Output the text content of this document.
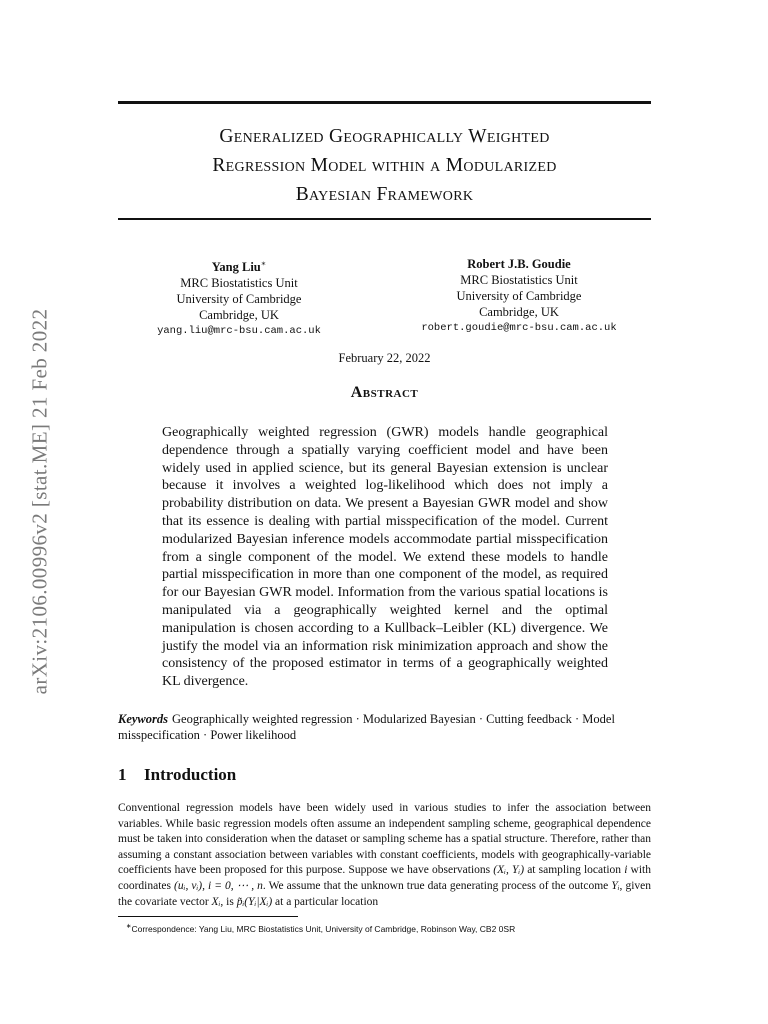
arXiv:2106.00996v2 [stat.ME] 21 Feb 2022
Generalized Geographically Weighted
Regression Model within a Modularized
Bayesian Framework
Yang Liu∗
MRC Biostatistics Unit
University of Cambridge
Cambridge, UK
yang.liu@mrc-bsu.cam.ac.uk
Robert J.B. Goudie
MRC Biostatistics Unit
University of Cambridge
Cambridge, UK
robert.goudie@mrc-bsu.cam.ac.uk
February 22, 2022
Abstract
Geographically weighted regression (GWR) models handle geographical dependence through a spatially varying coefficient model and have been widely used in applied science, but its general Bayesian extension is unclear because it involves a weighted log-likelihood which does not imply a probability distribution on data. We present a Bayesian GWR model and show that its essence is dealing with partial misspecification of the model. Current modularized Bayesian inference models accommodate partial misspecification from a single component of the model. We extend these models to handle partial misspecification in more than one component of the model, as required for our Bayesian GWR model. Information from the various spatial locations is manipulated via a geographically weighted kernel and the optimal manipulation is chosen according to a Kullback–Leibler (KL) divergence. We justify the model via an information risk minimization approach and show the consistency of the proposed estimator in terms of a geographically weighted KL divergence.
Keywords Geographically weighted regression · Modularized Bayesian · Cutting feedback · Model misspecification · Power likelihood
1 Introduction
Conventional regression models have been widely used in various studies to infer the association between variables. While basic regression models often assume an independent sampling scheme, geographical dependence must be taken into consideration when the dataset or sampling scheme has a spatial structure. Therefore, rather than assuming a constant association between variables with constant coefficients, models with geographically-variable coefficients have been proposed for this purpose. Suppose we have observations (Xᵢ, Yᵢ) at sampling location i with coordinates (uᵢ, vᵢ), i = 0, ⋯ , n. We assume that the unknown true data generating process of the outcome Yᵢ, given the covariate vector Xᵢ, is p̃ᵢ(Yᵢ|Xᵢ) at a particular location
∗Correspondence: Yang Liu, MRC Biostatistics Unit, University of Cambridge, Robinson Way, CB2 0SR
